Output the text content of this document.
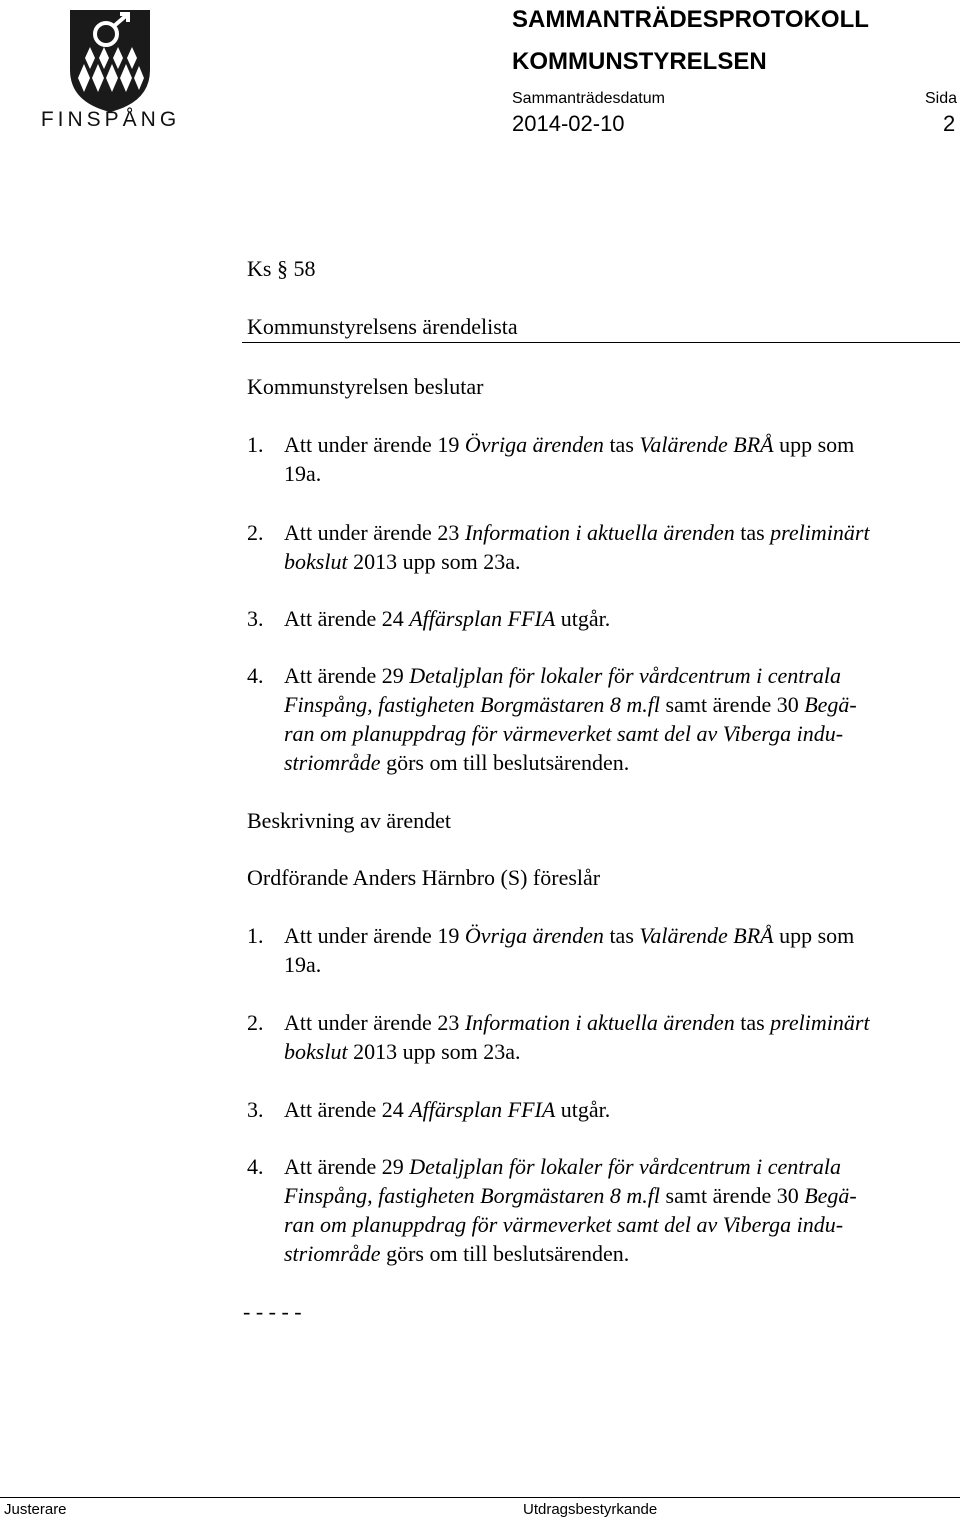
FINSPÅNG
SAMMANTRÄDESPROTOKOLL
KOMMUNSTYRELSEN
Sammanträdesdatum	Sida
2014-02-10	2
Ks § 58
Kommunstyrelsens ärendelista
Kommunstyrelsen beslutar
1. Att under ärende 19 Övriga ärenden tas Valärende BRÅ upp som
19a.
2. Att under ärende 23 Information i aktuella ärenden tas preliminärt
bokslut 2013 upp som 23a.
3. Att ärende 24 Affärsplan FFIA utgår.
4. Att ärende 29 Detaljplan för lokaler för vårdcentrum i centrala
Finspång, fastigheten Borgmästaren 8 m.fl samt ärende 30 Begä-
ran om planuppdrag för värmeverket samt del av Viberga indu-
striområde görs om till beslutsärenden.
Beskrivning av ärendet
Ordförande Anders Härnbro (S) föreslår
1. Att under ärende 19 Övriga ärenden tas Valärende BRÅ upp som
19a.
2. Att under ärende 23 Information i aktuella ärenden tas preliminärt
bokslut 2013 upp som 23a.
3. Att ärende 24 Affärsplan FFIA utgår.
4. Att ärende 29 Detaljplan för lokaler för vårdcentrum i centrala
Finspång, fastigheten Borgmästaren 8 m.fl samt ärende 30 Begä-
ran om planuppdrag för värmeverket samt del av Viberga indu-
striområde görs om till beslutsärenden.
- - - - -
Justerare	Utdragsbestyrkande
